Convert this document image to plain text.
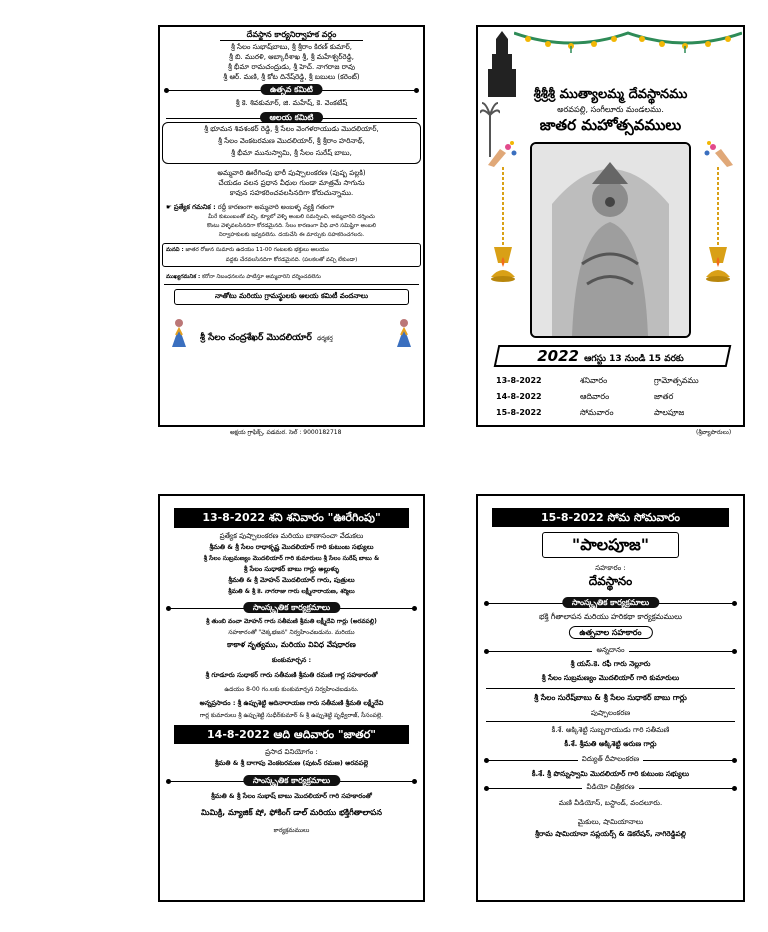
దేవస్థాన కార్యనిర్వాహక వర్గం
శ్రీ సేలం సుభాష్‌బాబు, శ్రీ శ్రీరాం కిరణ్ కుమార్,
శ్రీ బి. మురళి, ఆబ్కారీశాఖ శ్రీ, శ్రీ మహేశ్వర్‌రెడ్డి,
శ్రీ భీమా రామచంద్రుడు, శ్రీ హెచ్. నాగరాజ రావు
శ్రీ ఆర్. మణి, శ్రీ కోట దినేష్‌రెడ్డి, శ్రీ బబులు (కరెంట్)
ఉత్సవ కమిటి
శ్రీ కె. శివకుమార్, జి. మహేష్, కె. వెంకటేష్
ఆలయ కమిటి
శ్రీ భూమన శివశంకర్ రెడ్డి, శ్రీ సేలం వెంగళరాయుడు మొదలియార్,
శ్రీ సేలం వెంకటరమణ మొదలియార్, శ్రీ శ్రీరాం హరినాథ్,
శ్రీ భీమా మునుస్వామి, శ్రీ సేలం సురేష్ బాబు,
అమ్మవారి ఊరేగింపు భారీ పుష్పాలంకరణ (పుష్ప పల్లకి)
చేయడం వలన ప్రధాన వీధుల గుండా మాత్రమే సాగును
కావున సహకరించవలసినదిగా కోరుచున్నాము.
☛ ప్రత్యేక గమనిక : రద్దీ కారణంగా అమ్మవారి అంబళ్ళ వ్యక్తి గతంగా
మీరే కుటుంబంతో వచ్చి, క్యూలో వెళ్ళి అంబలి సమర్పించి, అమ్మవారిని దర్శించు
కొంటు వెళ్ళవలసినదిగా కోరడమైనది. సేలం కారణంగా వీధి వారి సమిష్టిగా అంబలి
నిర్వాహకులకు ఇవ్వవలెను. దయచేసి ఈ మార్పుకు సహకరించగలరు.
మనవి : జాతర రోజున సుమారు ఉదయం 11-00 గంటలకు భక్తులు ఆలయం
వద్దకు చేరవలసినదిగా కోరడమైనది. (పలకలతో వచ్చి లేకుండా)
ముఖ్యగమనిక : కరోనా నిబంధనలను పాటిస్తూ అమ్మవారిని దర్శించవలెను
నాతోటు మరియు గ్రామస్థులకు ఆలయ కమిటీ వందనాలు
శ్రీ సేలం చంద్రశేఖర్ మొదలియార్ ధర్మకర్త
అక్షయ గ్రాఫిక్స్, పడమర. సెల్ : 9000182718
శ్రీశ్రీశ్రీ ముత్యాలమ్మ దేవస్థానము
అరవపల్లి, సంగీలూరు మండలము.
జాతర మహోత్సవములు
2022 ఆగస్టు 13 నుండి 15 వరకు
13-8-2022	శనివారం	గ్రామోత్సవము
14-8-2022	ఆదివారం	జాతర
15-8-2022	సోమవారం	పాలపూజ
(శ్రీవ్యాపారులు)
13-8-2022 శని శనివారం "ఊరేగింపు"
ప్రత్యేక పుష్పాలంకరణ మరియు బాణాసంచా వేడుకలు
శ్రీమతి & శ్రీ సేలం రాధాకృష్ణ మొదలియార్ గారి కుటుంబ సభ్యులు
శ్రీ సేలం సుబ్రమణ్యం మొదలియార్ గారి కుమారులు శ్రీ సేలం సురేష్ బాబు &
శ్రీ సేలం సుధాకర్ బాబు గార్లు అల్లుళ్ళు
శ్రీమతి & శ్రీ మోహన్ మొదలియార్ గారు, పుత్రులు
శ్రీమతి & శ్రీ కె. నాగరాజు గారు లక్ష్మీనారాయణ, శర్మిలు
సాంస్కృతిక కార్యక్రమాలు
శ్రీ తుంబి వంచా మోహన్ గారు సతీమణి శ్రీమతి లక్ష్మీదేవి గార్లు (అరవపల్లి)
సహకారంతో "చెక్కభజన" నిర్వహించబడును. మరియు
కాకాళ నృత్యము, మరియు వివిధ వేషధారణ
కుంకుమార్చన :
శ్రీ గూడూరు సుధాకర్ గారు సతీమణి శ్రీమతి రమణి గార్ల సహకారంతో
ఉదయం 8-00 గం.లకు కుంకుమార్చన నిర్వహించబడును.
అన్నప్రసాదం : శ్రీ ఉప్పుశెట్టి ఆదినారాయణ గారు సతీమణి శ్రీమతి లక్ష్మీదేవి
గార్ల కుమారులు శ్రీ ఉప్పుశెట్టి సుధీర్‌కుమార్ & శ్రీ ఉప్పుశెట్టి పృధ్వీరాజ్, సీసంపల్లె.
14-8-2022 ఆది ఆదివారం "జాతర"
ప్రసాద వినియోగం :
శ్రీమతి & శ్రీ దాగాపు వెంకటరమణ (పుటన్ రమణ) అరవపల్లె
సాంస్కృతిక కార్యక్రమాలు
శ్రీమతి & శ్రీ సేలం సుభాష్ బాబు మొదలియార్ గారి సహకారంతో
మిమిక్రి, మ్యాజిక్ షో, ఫోకింగ్ డాల్ మరియు భక్తిగీతాలాపన
కార్యక్రమములు
15-8-2022 సోమ సోమవారం
"పాలపూజ"
సహకారం :
దేవస్థానం
సాంస్కృతిక కార్యక్రమాలు
భక్తి గీతాలాపన మరియు హరికథా కార్యక్రమములు
ఉత్సవాల సహకారం
అన్నదానం
శ్రీ యస్.కె. రఫీ గారు నెల్లూరు
శ్రీ సేలం సుబ్రమణ్యం మొదలియార్ గారి కుమారులు
శ్రీ సేలం సురేష్‌బాబు & శ్రీ సేలం సుధాకర్ బాబు గార్లు
పుష్పాలంకరణ
కీ.శే. అక్కిశెట్టి సుబ్బరాయుడు గారి సతీమణి
కీ.శే. శ్రీమతి అక్కిశెట్టి అరుణ గార్లు
విద్యుత్ దీపాలంకరణ
కీ.శే. శ్రీ పొన్నుస్వామి మొదలియార్ గారి కుటుంబ సభ్యులు
వీడియో చిత్రీకరణ
మణి వీడియోస్, బస్టాండ్, వందలూరు.
మైకులు, షామియానాలు
శ్రీరామ షామియానా సప్లయర్స్ & డెకరేషన్, నాగిరెడ్డిపల్లి
